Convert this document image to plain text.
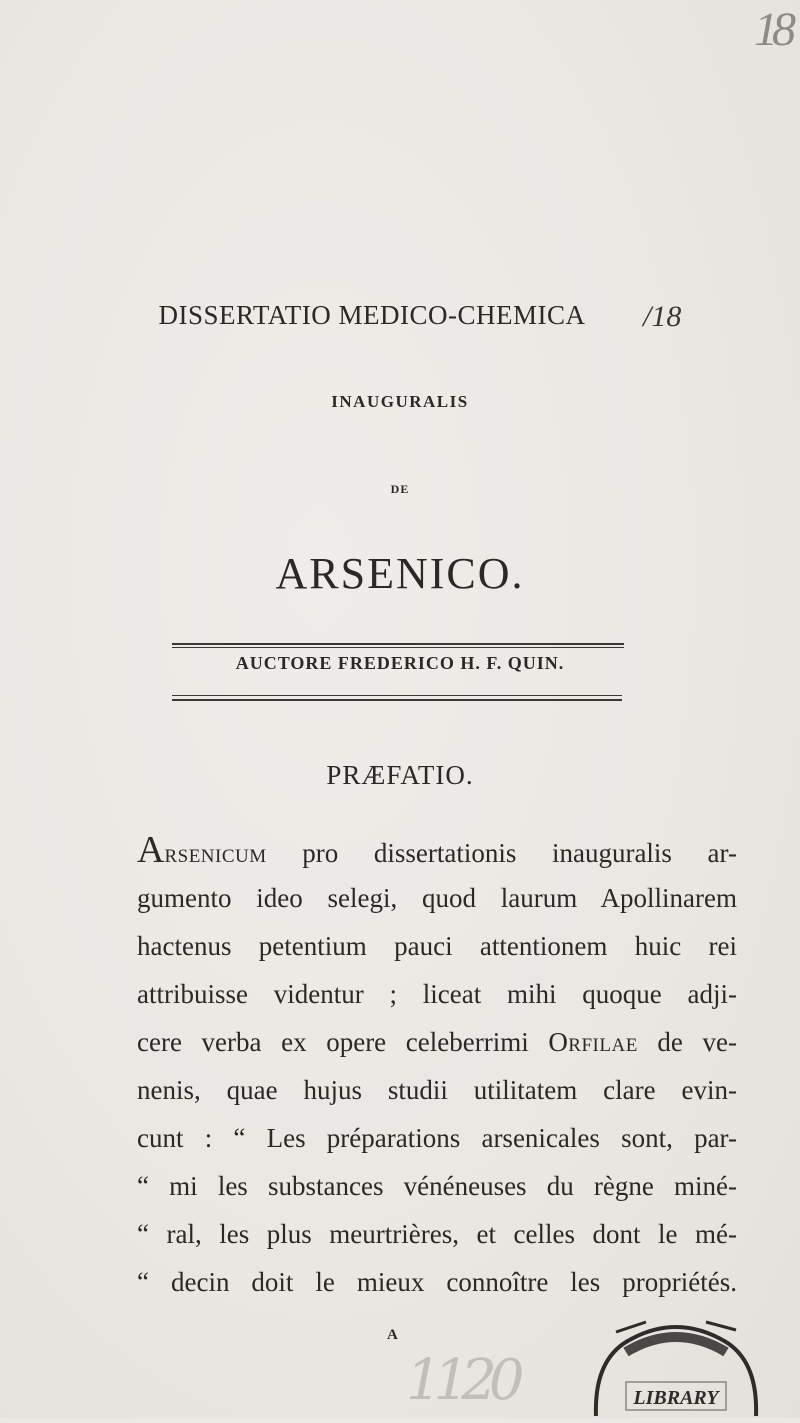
18
DISSERTATIO MEDICO-CHEMICA	/18
INAUGURALIS
DE
ARSENICO.
AUCTORE FREDERICO H. F. QUIN.
PRÆFATIO.
Arsenicum pro dissertationis inauguralis ar-
gumento ideo selegi, quod laurum Apollinarem
hactenus petentium pauci attentionem huic rei
attribuisse videntur ; liceat mihi quoque adji-
cere verba ex opere celeberrimi Orfilae de ve-
nenis, quae hujus studii utilitatem clare evin-
cunt : “ Les préparations arsenicales sont, par-
“ mi les substances vénéneuses du règne miné-
“ ral, les plus meurtrières, et celles dont le mé-
“ decin doit le mieux connoître les propriétés.
A
1120	LIBRARY
